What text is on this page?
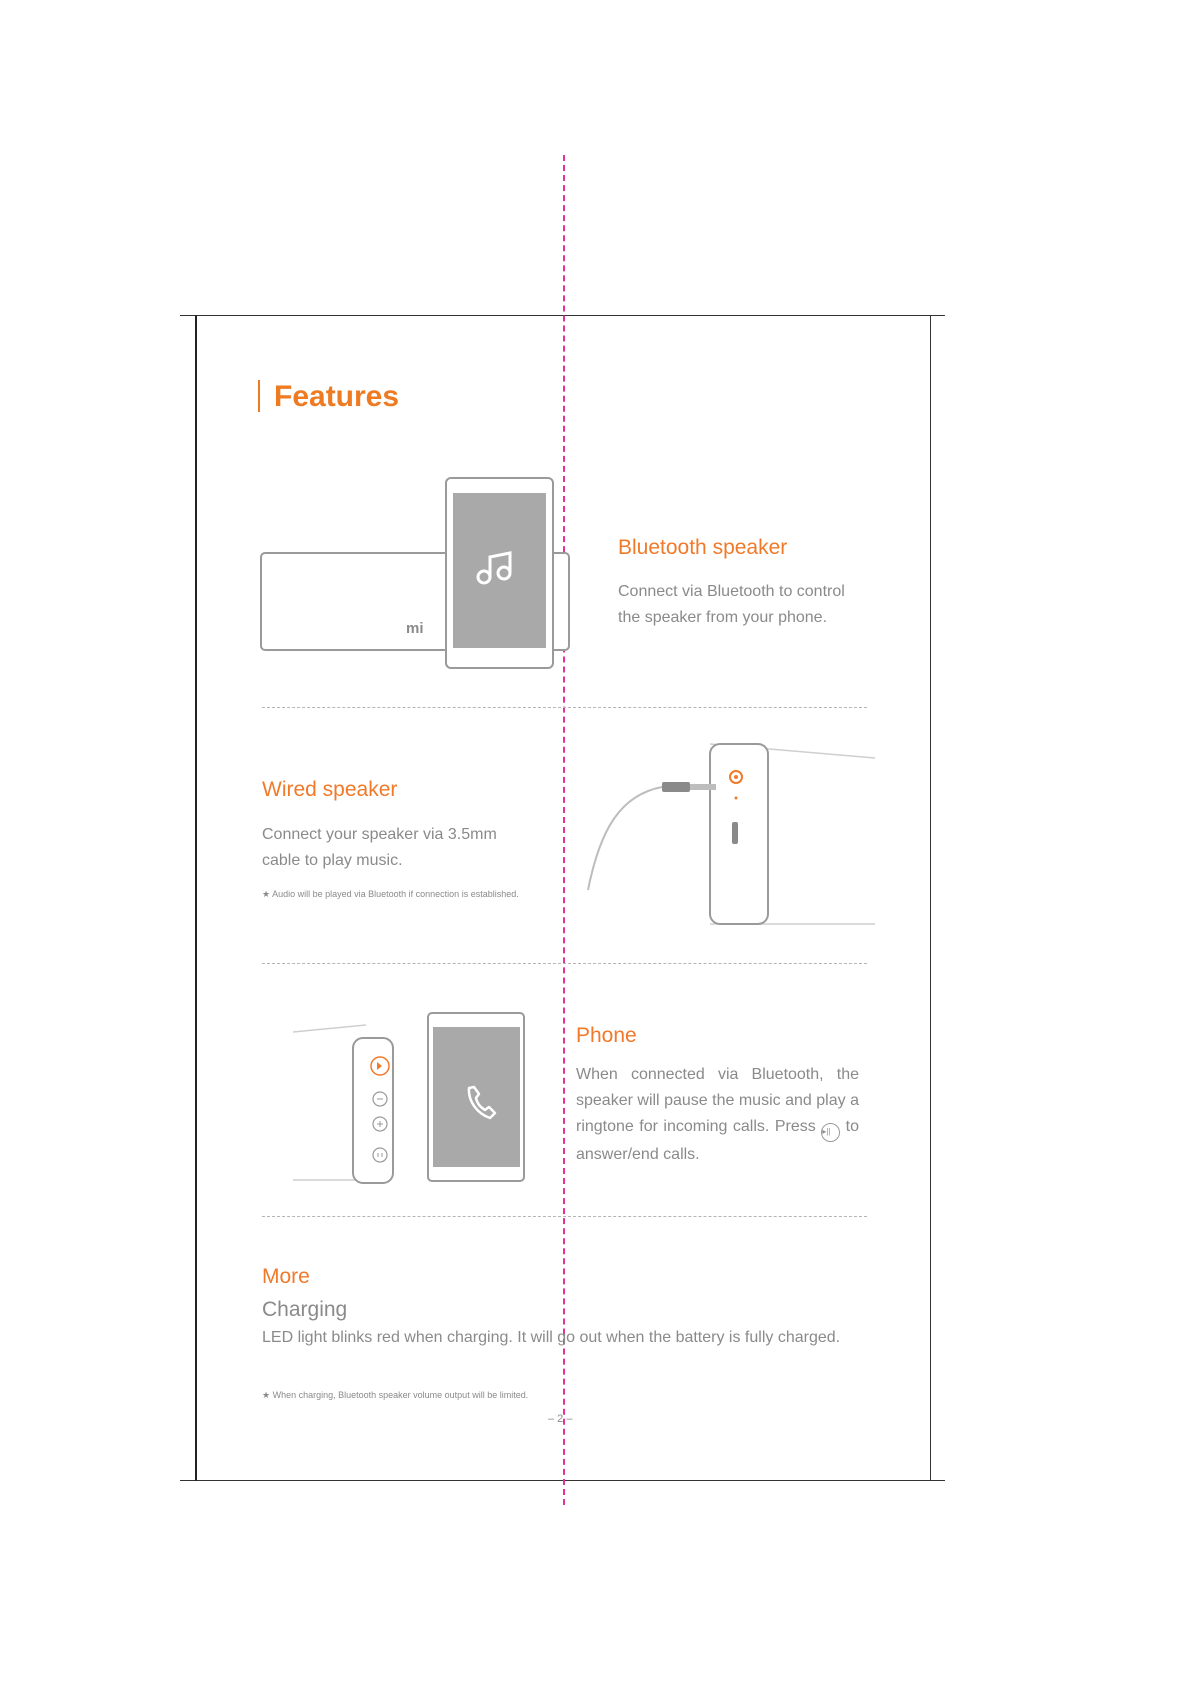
Features
mi
Bluetooth speaker
Connect via Bluetooth to control
the speaker from your phone.
Wired speaker
Connect your speaker via 3.5mm
cable to play music.
★ Audio will be played via Bluetooth if connection is established.
Phone
When connected via Bluetooth, the speaker will pause the music and play a ringtone for incoming calls. Press ▸|| to answer/end calls.
More
Charging
LED light blinks red when charging. It will go out when the battery is fully charged.
★ When charging, Bluetooth speaker volume output will be limited.
– 2 –
